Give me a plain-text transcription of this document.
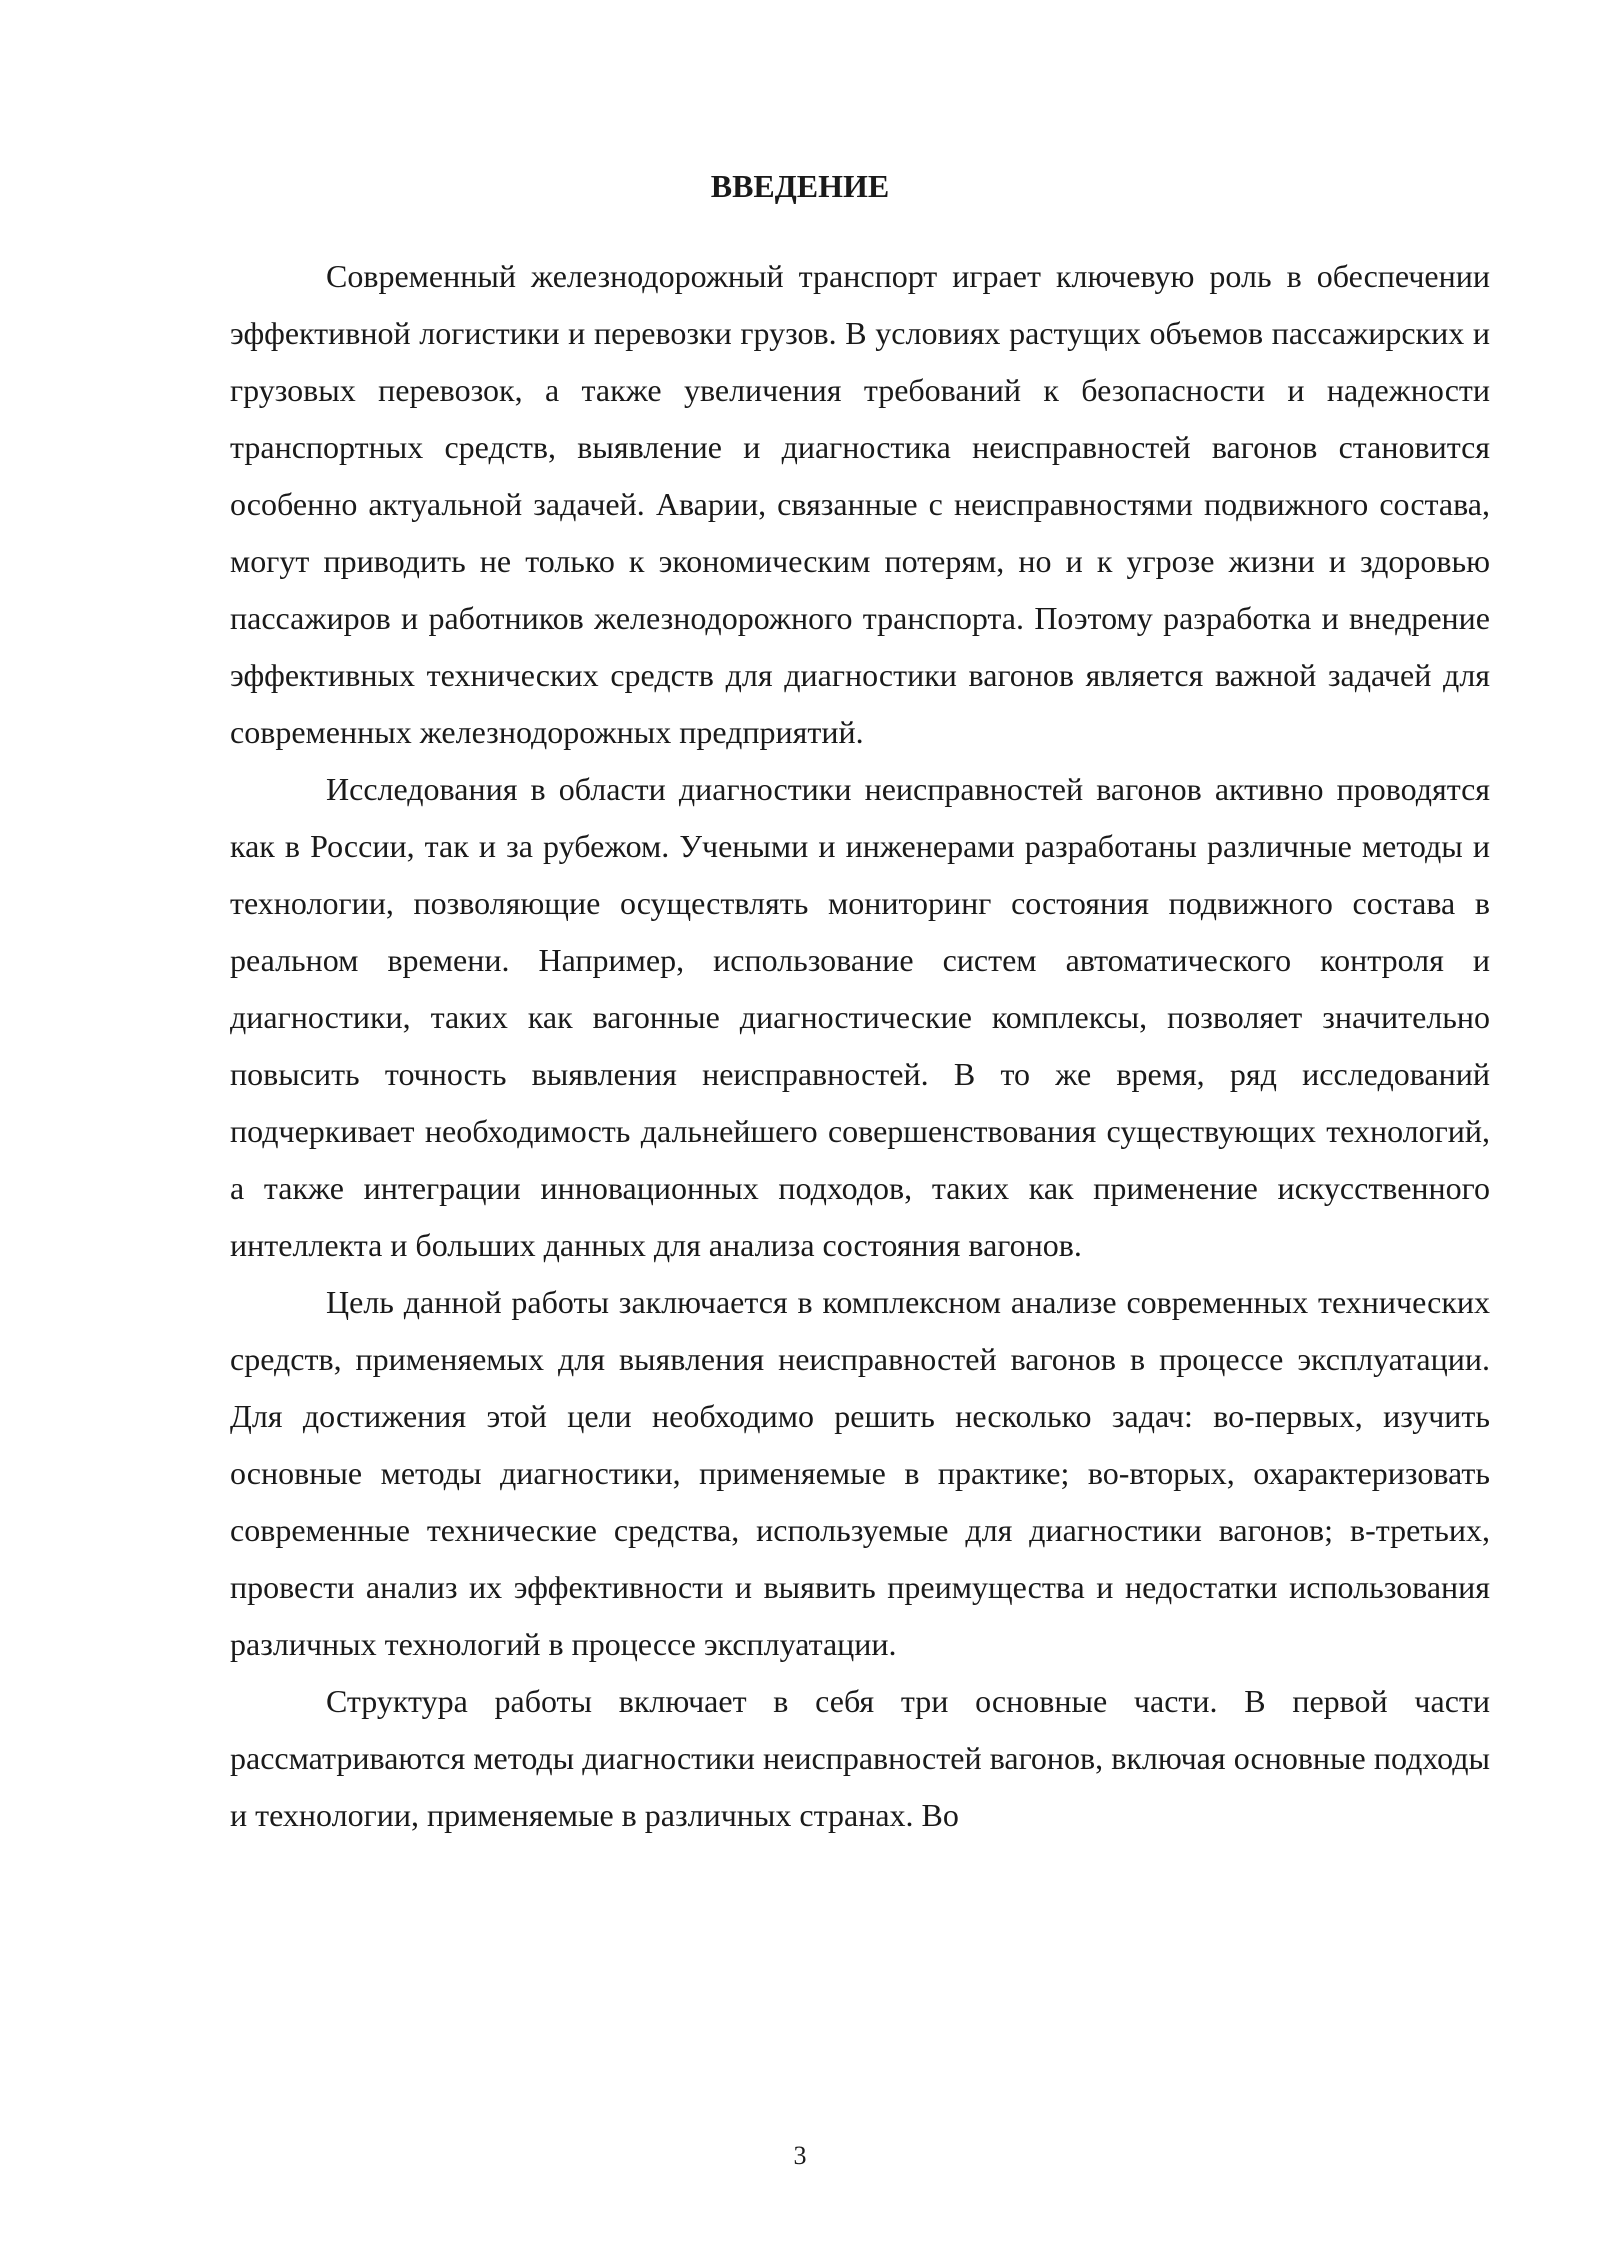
ВВЕДЕНИЕ

Современный железнодорожный транспорт играет ключевую роль в обеспечении эффективной логистики и перевозки грузов. В условиях растущих объемов пассажирских и грузовых перевозок, а также увеличения требований к безопасности и надежности транспортных средств, выявление и диагностика неисправностей вагонов становится особенно актуальной задачей. Аварии, связанные с неисправностями подвижного состава, могут приводить не только к экономическим потерям, но и к угрозе жизни и здоровью пассажиров и работников железнодорожного транспорта. Поэтому разработка и внедрение эффективных технических средств для диагностики вагонов является важной задачей для современных железнодорожных предприятий.

Исследования в области диагностики неисправностей вагонов активно проводятся как в России, так и за рубежом. Учеными и инженерами разработаны различные методы и технологии, позволяющие осуществлять мониторинг состояния подвижного состава в реальном времени. Например, использование систем автоматического контроля и диагностики, таких как вагонные диагностические комплексы, позволяет значительно повысить точность выявления неисправностей. В то же время, ряд исследований подчеркивает необходимость дальнейшего совершенствования существующих технологий, а также интеграции инновационных подходов, таких как применение искусственного интеллекта и больших данных для анализа состояния вагонов.

Цель данной работы заключается в комплексном анализе современных технических средств, применяемых для выявления неисправностей вагонов в процессе эксплуатации. Для достижения этой цели необходимо решить несколько задач: во-первых, изучить основные методы диагностики, применяемые в практике; во-вторых, охарактеризовать современные технические средства, используемые для диагностики вагонов; в-третьих, провести анализ их эффективности и выявить преимущества и недостатки использования различных технологий в процессе эксплуатации.

Структура работы включает в себя три основные части. В первой части рассматриваются методы диагностики неисправностей вагонов, включая основные подходы и технологии, применяемые в различных странах. Во

3
